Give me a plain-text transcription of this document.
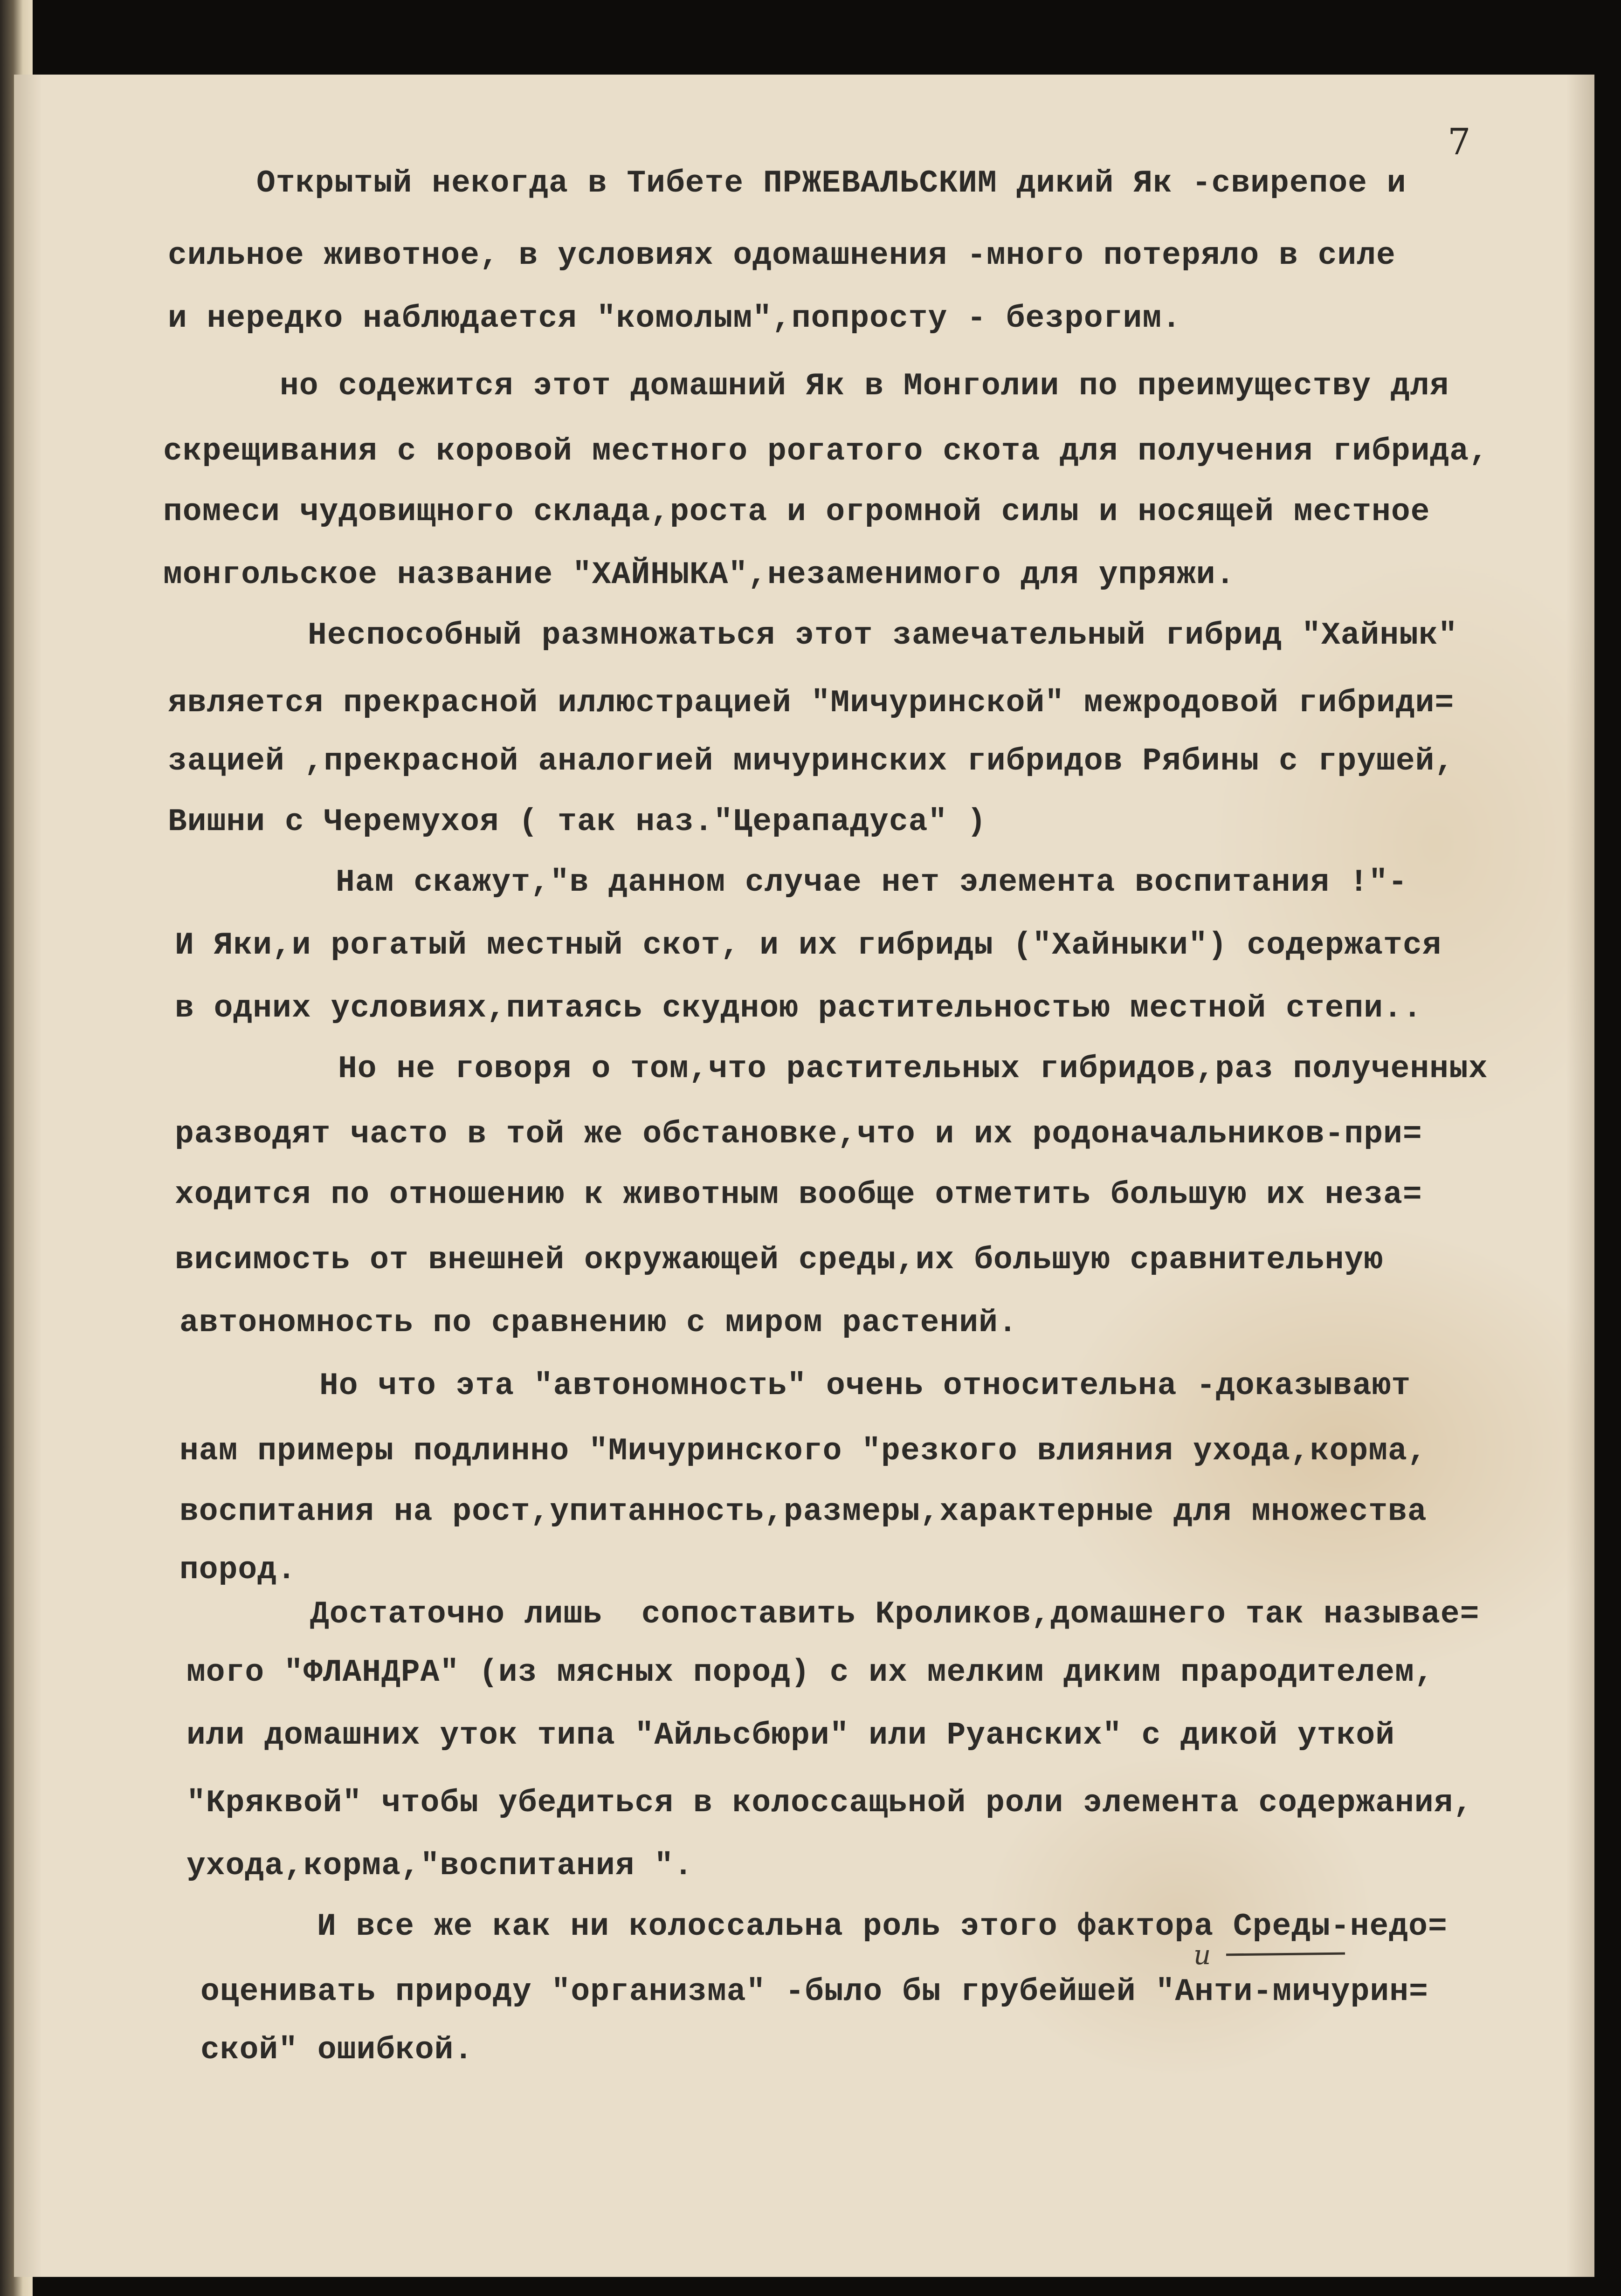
7

Открытый некогда в Тибете ПРЖЕВАЛЬСКИМ дикий Як -свирепое и

сильное животное, в условиях одомашнения -много потеряло в силе

и нередко наблюдается "комолым",попросту - безрогим.

но содежится этот домашний Як в Монголии по преимуществу для

скрещивания с коровой местного рогатого скота для получения гибрида,

помеси чудовищного склада,роста и огромной силы и носящей местное

монгольское название "ХАЙНЫКА",незаменимого для упряжи.

Неспособный размножаться этот замечательный гибрид "Хайнык"

является прекрасной иллюстрацией "Мичуринской" межродовой гибриди=

зацией ,прекрасной аналогией мичуринских гибридов Рябины с грушей,

Вишни с Черемухоя ( так наз."Церападуса" )

Нам скажут,"в данном случае нет элемента воспитания !"-

И Яки,и рогатый местный скот, и их гибриды ("Хайныки") содержатся

в одних условиях,питаясь скудною растительностью местной степи..

Но не говоря о том,что растительных гибридов,раз полученных

разводят часто в той же обстановке,что и их родоначальников-при=

ходится по отношению к животным вообще отметить большую их неза=

висимость от внешней окружающей среды,их большую сравнительную

автономность по сравнению с миром растений.

Но что эта "автономность" очень относительна -доказывают

нам примеры подлинно "Мичуринского "резкого влияния ухода,корма,

воспитания на рост,упитанность,размеры,характерные для множества

пород.

Достаточно лишь  сопоставить Кроликов,домашнего так называе=

мого "ФЛАНДРА" (из мясных пород) с их мелким диким прародителем,

или домашних уток типа "Айльсбюри" или Руанских" с дикой уткой

"Кряквой" чтобы убедиться в колоссащьной роли элемента содержания,

ухода,корма,"воспитания ".

И все же как ни колоссальна роль этого фактора Среды-недо=

оценивать природу "организма" -было бы грубейшей "Анти-мичурин=

ской" ошибкой.

и
